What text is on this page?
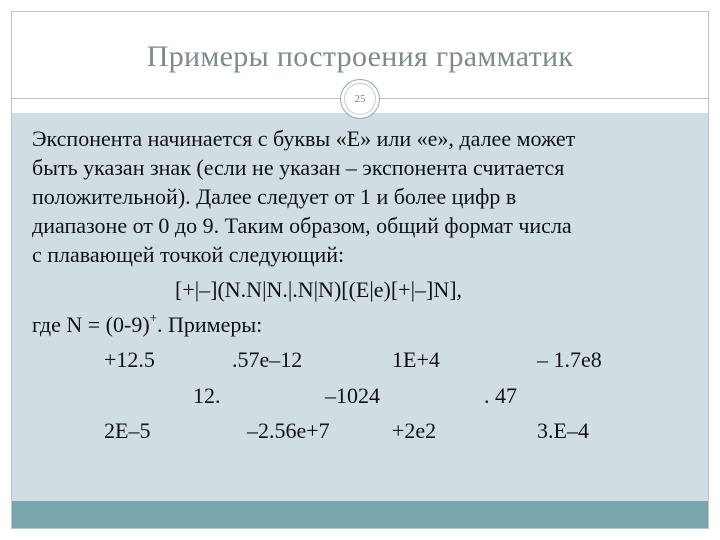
Примеры построения грамматик
25
Экспонента начинается с буквы «E» или «e», далее может
быть указан знак (если не указан – экспонента считается
положительной). Далее следует от 1 и более цифр в
диапазоне от 0 до 9. Таким образом, общий формат числа
с плавающей точкой следующий:
[+|–](N.N|N.|.N|N)[(E|e)[+|–]N],
где N = (0-9)+. Примеры:
+12.5	.57e–12	1E+4	– 1.7e8
12.	–1024	. 47
2E–5	–2.56e+7	+2e2	3.E–4
